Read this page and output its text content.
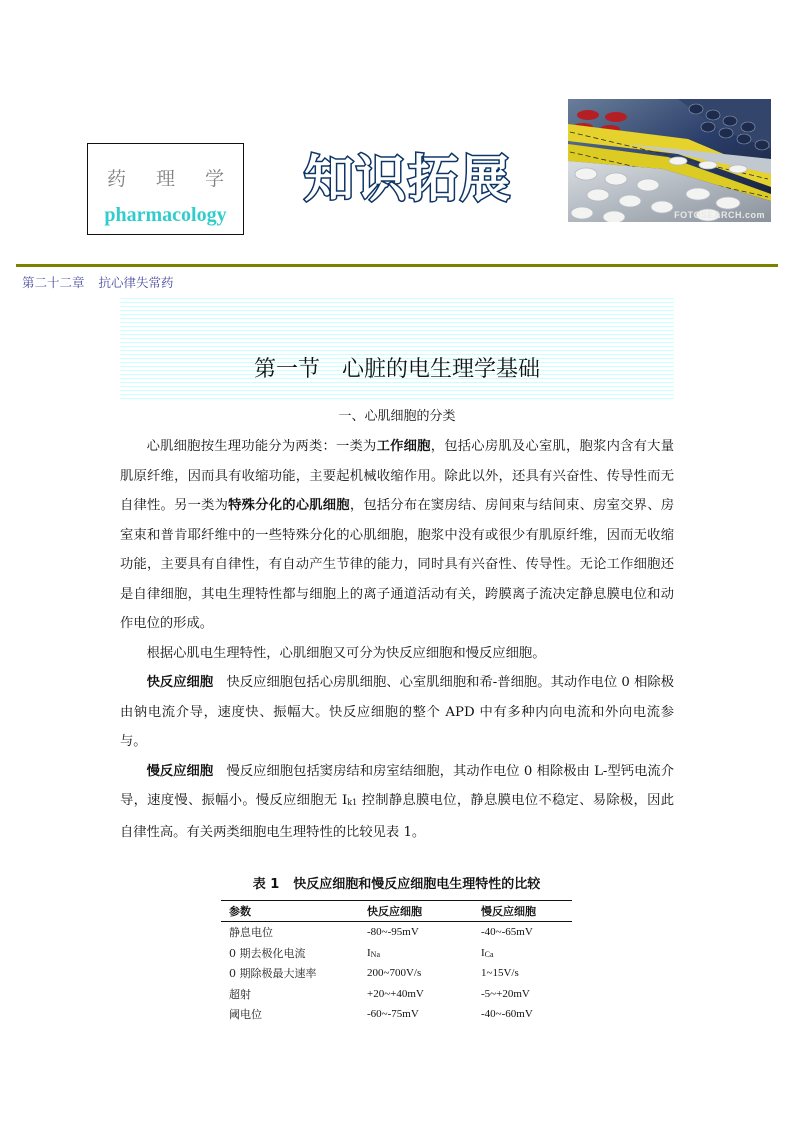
药 理 学
pharmacology
知识拓展
FOTOSEARCH.com
第二十二章 抗心律失常药
第一节 心脏的电生理学基础
一、心肌细胞的分类

心肌细胞按生理功能分为两类：一类为工作细胞，包括心房肌及心室肌，胞浆内含有大量肌原纤维，因而具有收缩功能，主要起机械收缩作用。除此以外，还具有兴奋性、传导性而无自律性。另一类为特殊分化的心肌细胞，包括分布在窦房结、房间束与结间束、房室交界、房室束和普肯耶纤维中的一些特殊分化的心肌细胞，胞浆中没有或很少有肌原纤维，因而无收缩功能，主要具有自律性，有自动产生节律的能力，同时具有兴奋性、传导性。无论工作细胞还是自律细胞，其电生理特性都与细胞上的离子通道活动有关，跨膜离子流决定静息膜电位和动作电位的形成。

根据心肌电生理特性，心肌细胞又可分为快反应细胞和慢反应细胞。

快反应细胞　 快反应细胞包括心房肌细胞、心室肌细胞和希-普细胞。其动作电位 0 相除极由钠电流介导，速度快、振幅大。快反应细胞的整个 APD 中有多种内向电流和外向电流参与。

慢反应细胞　 慢反应细胞包括窦房结和房室结细胞，其动作电位 0 相除极由 L-型钙电流介导，速度慢、振幅小。慢反应细胞无 Ik1 控制静息膜电位，静息膜电位不稳定、易除极，因此自律性高。有关两类细胞电生理特性的比较见表 1。

表 1 快反应细胞和慢反应细胞电生理特性的比较
参数	快反应细胞	慢反应细胞
静息电位	-80~-95mV	-40~-65mV
0 期去极化电流	INa	ICa
0 期除极最大速率	200~700V/s	1~15V/s
超射	+20~+40mV	-5~+20mV
阈电位	-60~-75mV	-40~-60mV
